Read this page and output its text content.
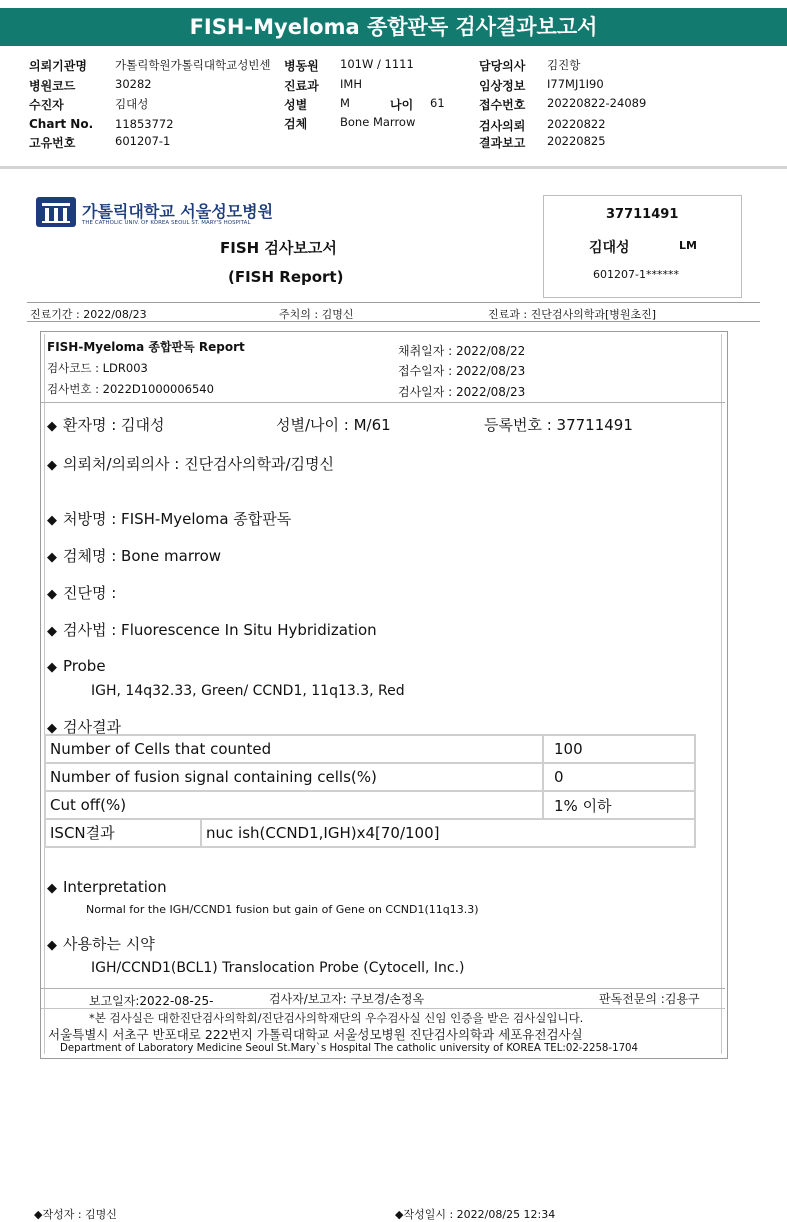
FISH-Myeloma 종합판독 검사결과보고서
의뢰기관명 가톨릭학원가톨릭대학교성빈센 병동원 101W / 1111	담당의사 김진항
병원코드	30282	진료과 IMH	임상정보 I77MJ1I90
수진자	김대성	성별	M	나이 61	접수번호 20220822-24089
Chart No. 11853772	검체	Bone Marrow	검사의뢰 20220822
고유번호	601207-1	결과보고 20220825
가톨릭대학교 서울성모병원
THE CATHOLIC UNIV. OF KOREA SEOUL ST. MARY'S HOSPITAL
FISH 검사보고서
(FISH Report)
37711491
김대성	LM
601207-1******
진료기간 : 2022/08/23	주치의 : 김명신	진료과 : 진단검사의학과[병원초진]
FISH-Myeloma 종합판독 Report
검사코드 : LDR003
검사번호 : 2022D1000006540
채취일자 : 2022/08/22
접수일자 : 2022/08/23
검사일자 : 2022/08/23
◆ 환자명 : 김대성	성별/나이 : M/61	등록번호 : 37711491
◆ 의뢰처/의뢰의사 : 진단검사의학과/김명신
◆ 처방명 : FISH-Myeloma 종합판독
◆ 검체명 : Bone marrow
◆ 진단명 :
◆ 검사법 : Fluorescence In Situ Hybridization
◆ Probe
IGH, 14q32.33, Green/ CCND1, 11q13.3, Red
◆ 검사결과
Number of Cells that counted	100
Number of fusion signal containing cells(%)	0
Cut off(%)	1% 이하

ISCN결과 nuc ish(CCND1,IGH)x4[70/100]	
◆ Interpretation
Normal for the IGH/CCND1 fusion but gain of Gene on CCND1(11q13.3)
◆ 사용하는 시약
IGH/CCND1(BCL1) Translocation Probe (Cytocell, Inc.)
보고일자:2022-08-25-	검사자/보고자: 구보경/손정옥	판독전문의 :김용구
*본 검사실은 대한진단검사의학회/진단검사의학재단의 우수검사실 신임 인증을 받은 검사실입니다.
서울특별시 서초구 반포대로 222번지 가톨릭대학교 서울성모병원 진단검사의학과 세포유전검사실
Department of Laboratory Medicine Seoul St.Mary`s Hospital The catholic university of KOREA TEL:02-2258-1704
◆작성자 : 김명신	◆작성일시 : 2022/08/25 12:34
